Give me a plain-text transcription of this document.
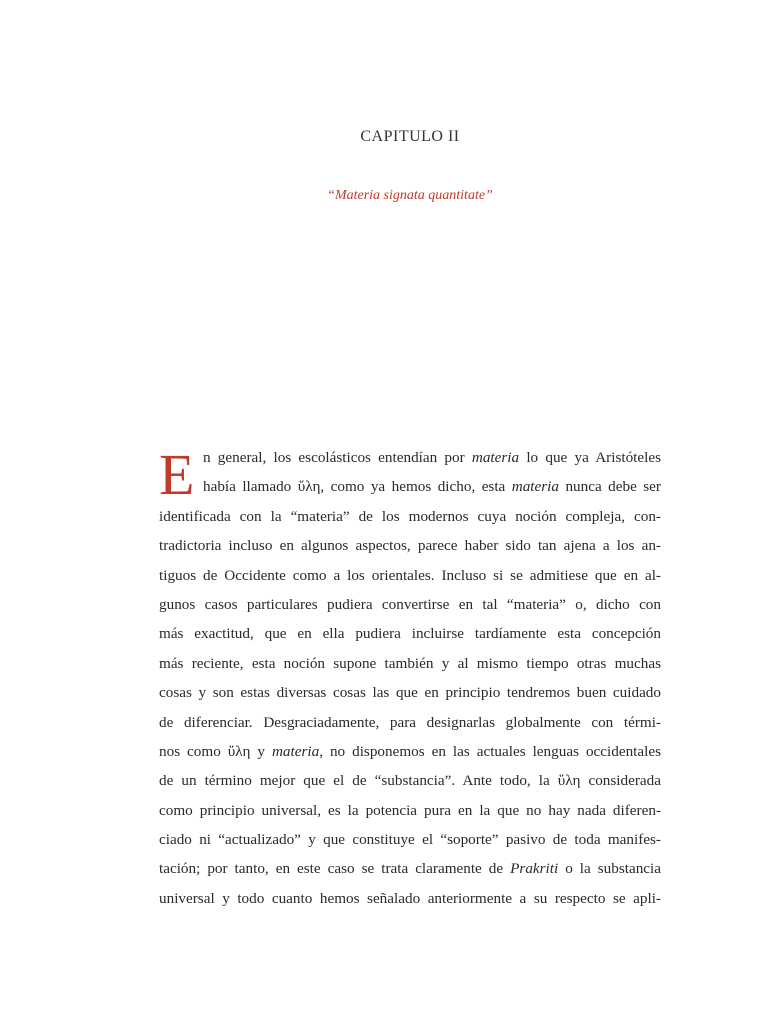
CAPITULO II
“Materia signata quantitate”
E n general, los escolásticos entendían por materia lo que ya Aristóteles
había llamado ὕλη, como ya hemos dicho, esta materia nunca debe ser
identificada con la “materia” de los modernos cuya noción compleja, con-
tradictoria incluso en algunos aspectos, parece haber sido tan ajena a los an-
tiguos de Occidente como a los orientales. Incluso si se admitiese que en al-
gunos casos particulares pudiera convertirse en tal “materia” o, dicho con
más exactitud, que en ella pudiera incluirse tardíamente esta concepción
más reciente, esta noción supone también y al mismo tiempo otras muchas
cosas y son estas diversas cosas las que en principio tendremos buen cuidado
de diferenciar. Desgraciadamente, para designarlas globalmente con térmi-
nos como ὕλη y materia, no disponemos en las actuales lenguas occidentales
de un término mejor que el de “substancia”. Ante todo, la ὕλη considerada
como principio universal, es la potencia pura en la que no hay nada diferen-
ciado ni “actualizado” y que constituye el “soporte” pasivo de toda manifes-
tación; por tanto, en este caso se trata claramente de Prakriti o la substancia
universal y todo cuanto hemos señalado anteriormente a su respecto se apli-
